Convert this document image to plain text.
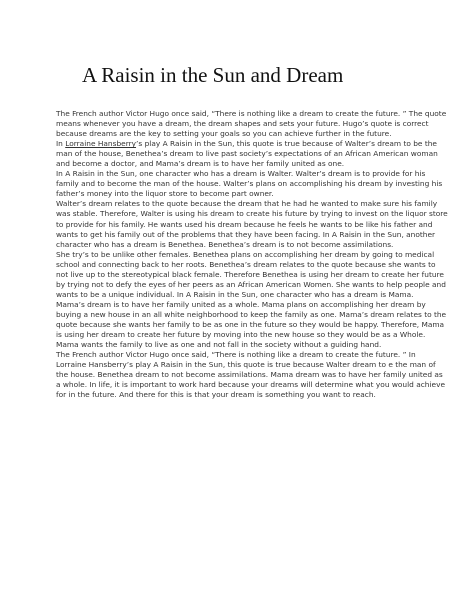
A Raisin in the Sun and Dream

The French author Victor Hugo once said, “There is nothing like a dream to create the future. ” The quote means whenever you have a dream, the dream shapes and sets your future. Hugo’s quote is correct because dreams are the key to setting your goals so you can achieve further in the future.

In Lorraine Hansberry’s play A Raisin in the Sun, this quote is true because of Walter’s dream to be the man of the house, Benethea’s dream to live past society’s expectations of an African American woman and become a doctor, and Mama’s dream is to have her family united as one.

In A Raisin in the Sun, one character who has a dream is Walter. Walter’s dream is to provide for his family and to become the man of the house. Walter’s plans on accomplishing his dream by investing his father’s money into the liquor store to become part owner.

Walter’s dream relates to the quote because the dream that he had he wanted to make sure his family was stable. Therefore, Walter is using his dream to create his future by trying to invest on the liquor store to provide for his family. He wants used his dream because he feels he wants to be like his father and wants to get his family out of the problems that they have been facing. In A Raisin in the Sun, another character who has a dream is Benethea. Benethea’s dream is to not become assimilations.

She try’s to be unlike other females. Benethea plans on accomplishing her dream by going to medical school and connecting back to her roots. Benethea’s dream relates to the quote because she wants to not live up to the stereotypical black female. Therefore Benethea is using her dream to create her future by trying not to defy the eyes of her peers as an African American Women. She wants to help people and wants to be a unique individual. In A Raisin in the Sun, one character who has a dream is Mama.

Mama’s dream is to have her family united as a whole. Mama plans on accomplishing her dream by buying a new house in an all white neighborhood to keep the family as one. Mama’s dream relates to the quote because she wants her family to be as one in the future so they would be happy. Therefore, Mama is using her dream to create her future by moving into the new house so they would be as a Whole. Mama wants the family to live as one and not fall in the society without a guiding hand.

The French author Victor Hugo once said, “There is nothing like a dream to create the future. ” In Lorraine Hansberry’s play A Raisin in the Sun, this quote is true because Walter dream to e the man of the house. Benethea dream to not become assimilations. Mama dream was to have her family united as a whole. In life, it is important to work hard because your dreams will determine what you would achieve for in the future. And there for this is that your dream is something you want to reach.
